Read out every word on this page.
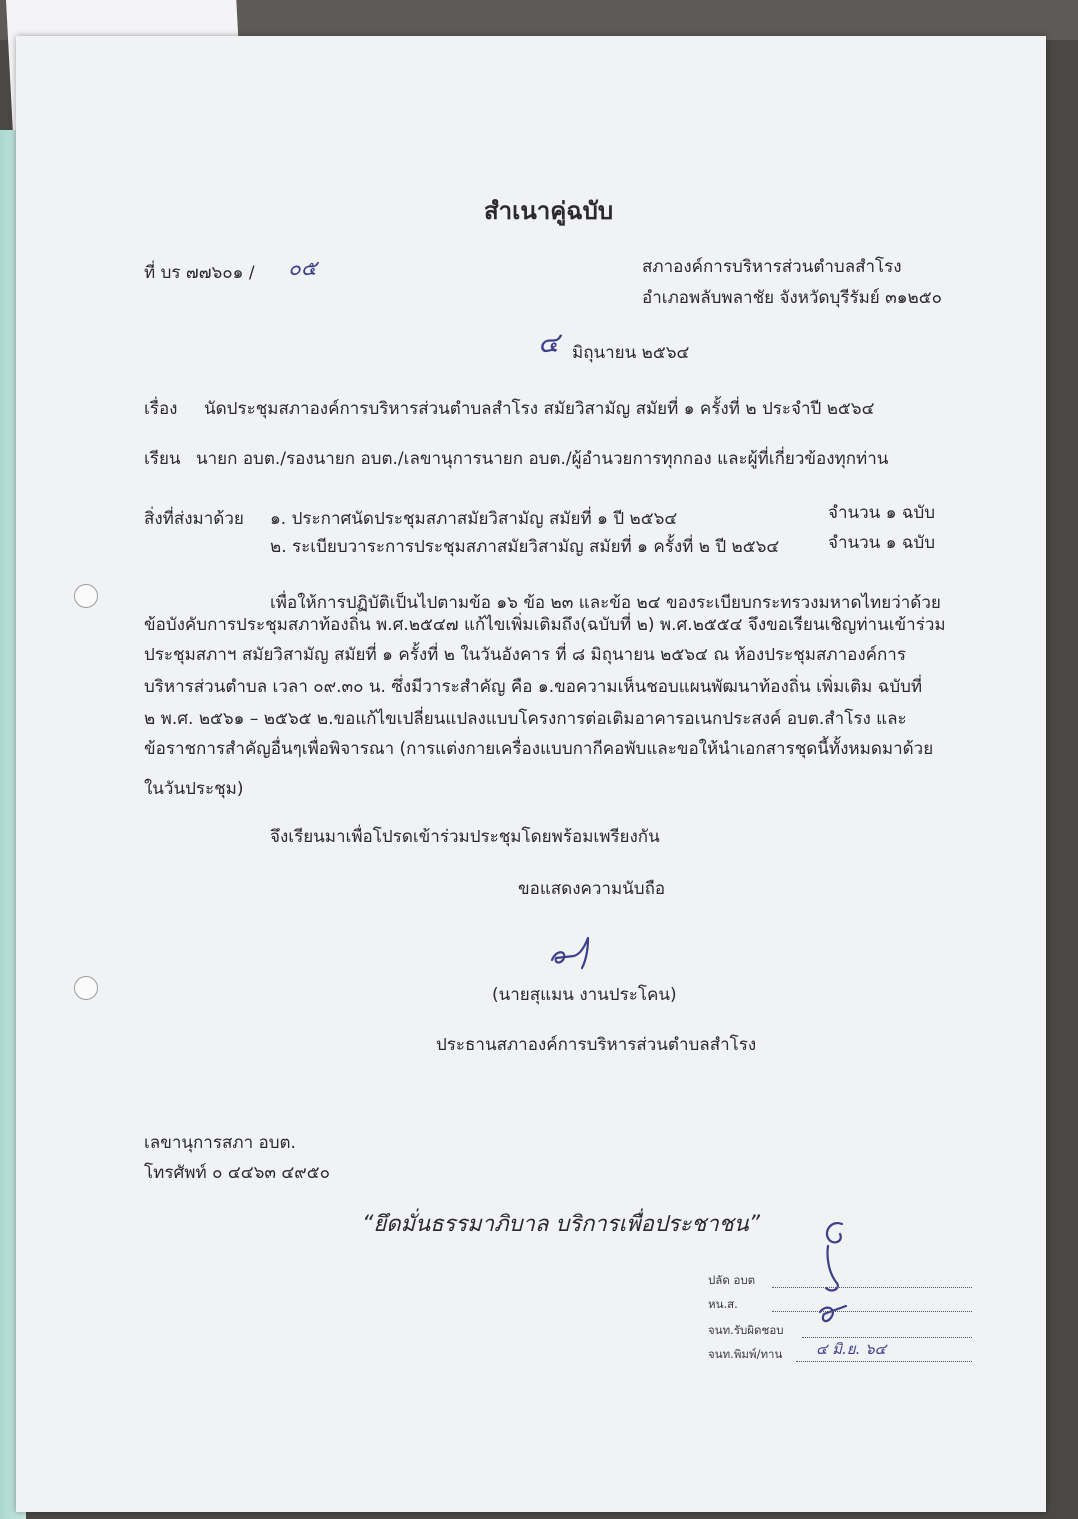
สำเนาคู่ฉบับ
ที่ บร ๗๗๖๐๑ / ๐๕	สภาองค์การบริหารส่วนตำบลสำโรง
อำเภอพลับพลาชัย จังหวัดบุรีรัมย์ ๓๑๒๕๐
๔ มิถุนายน ๒๕๖๔
เรื่อง นัดประชุมสภาองค์การบริหารส่วนตำบลสำโรง สมัยวิสามัญ สมัยที่ ๑ ครั้งที่ ๒ ประจำปี ๒๕๖๔
เรียน นายก อบต./รองนายก อบต./เลขานุการนายก อบต./ผู้อำนวยการทุกกอง และผู้ที่เกี่ยวข้องทุกท่าน
สิ่งที่ส่งมาด้วย ๑. ประกาศนัดประชุมสภาสมัยวิสามัญ สมัยที่ ๑ ปี ๒๕๖๔	จำนวน ๑ ฉบับ
๒. ระเบียบวาระการประชุมสภาสมัยวิสามัญ สมัยที่ ๑ ครั้งที่ ๒ ปี ๒๕๖๔	จำนวน ๑ ฉบับ
เพื่อให้การปฏิบัติเป็นไปตามข้อ ๑๖ ข้อ ๒๓ และข้อ ๒๔ ของระเบียบกระทรวงมหาดไทยว่าด้วย
ข้อบังคับการประชุมสภาท้องถิ่น พ.ศ.๒๕๔๗ แก้ไขเพิ่มเติมถึง(ฉบับที่ ๒) พ.ศ.๒๕๕๔ จึงขอเรียนเชิญท่านเข้าร่วม
ประชุมสภาฯ สมัยวิสามัญ สมัยที่ ๑ ครั้งที่ ๒ ในวันอังคาร ที่ ๘ มิถุนายน ๒๕๖๔ ณ ห้องประชุมสภาองค์การ
บริหารส่วนตำบล เวลา ๐๙.๓๐ น. ซึ่งมีวาระสำคัญ คือ ๑.ขอความเห็นชอบแผนพัฒนาท้องถิ่น เพิ่มเติม ฉบับที่
๒ พ.ศ. ๒๕๖๑ – ๒๕๖๕ ๒.ขอแก้ไขเปลี่ยนแปลงแบบโครงการต่อเติมอาคารอเนกประสงค์ อบต.สำโรง และ
ข้อราชการสำคัญอื่นๆเพื่อพิจารณา (การแต่งกายเครื่องแบบกากีคอพับและขอให้นำเอกสารชุดนี้ทั้งหมดมาด้วย
ในวันประชุม)
จึงเรียนมาเพื่อโปรดเข้าร่วมประชุมโดยพร้อมเพรียงกัน
ขอแสดงความนับถือ
(นายสุแมน งานประโคน)
ประธานสภาองค์การบริหารส่วนตำบลสำโรง
เลขานุการสภา อบต.
โทรศัพท์ ๐ ๔๔๖๓ ๔๙๕๐
“ยึดมั่นธรรมาภิบาล บริการเพื่อประชาชน”
ปลัด อบต
หน.ส.
จนท.รับผิดชอบ
จนท.พิมพ์/ทาน ๔ มิ.ย. ๖๔
